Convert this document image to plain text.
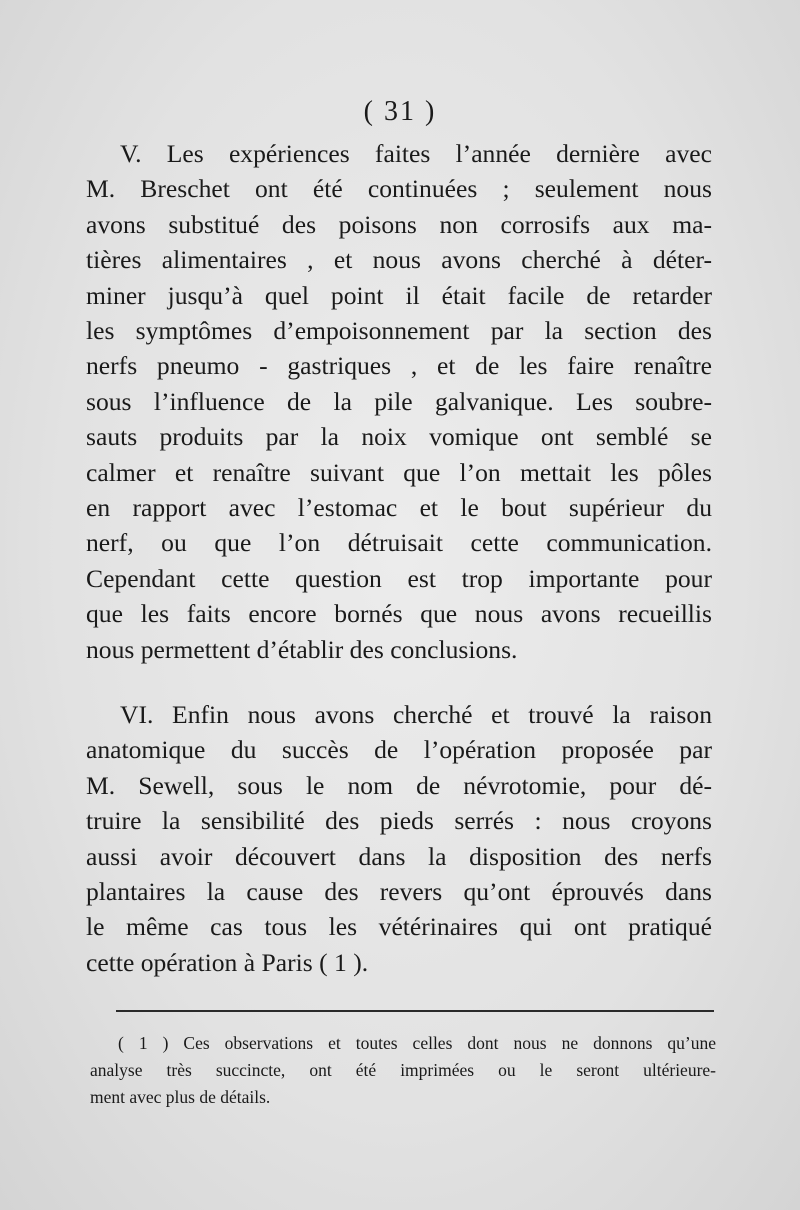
( 31 )
V. Les expériences faites l’année dernière avec
M. Breschet ont été continuées ; seulement nous
avons substitué des poisons non corrosifs aux ma-
tières alimentaires , et nous avons cherché à déter-
miner jusqu’à quel point il était facile de retarder
les symptômes d’empoisonnement par la section des
nerfs pneumo - gastriques , et de les faire renaître
sous l’influence de la pile galvanique. Les soubre-
sauts produits par la noix vomique ont semblé se
calmer et renaître suivant que l’on mettait les pôles
en rapport avec l’estomac et le bout supérieur du
nerf, ou que l’on détruisait cette communication.
Cependant cette question est trop importante pour
que les faits encore bornés que nous avons recueillis
nous permettent d’établir des conclusions.
VI. Enfin nous avons cherché et trouvé la raison
anatomique du succès de l’opération proposée par
M. Sewell, sous le nom de névrotomie, pour dé-
truire la sensibilité des pieds serrés : nous croyons
aussi avoir découvert dans la disposition des nerfs
plantaires la cause des revers qu’ont éprouvés dans
le même cas tous les vétérinaires qui ont pratiqué
cette opération à Paris ( 1 ).
( 1 ) Ces observations et toutes celles dont nous ne donnons qu’une
analyse très succincte, ont été imprimées ou le seront ultérieure-
ment avec plus de détails.
